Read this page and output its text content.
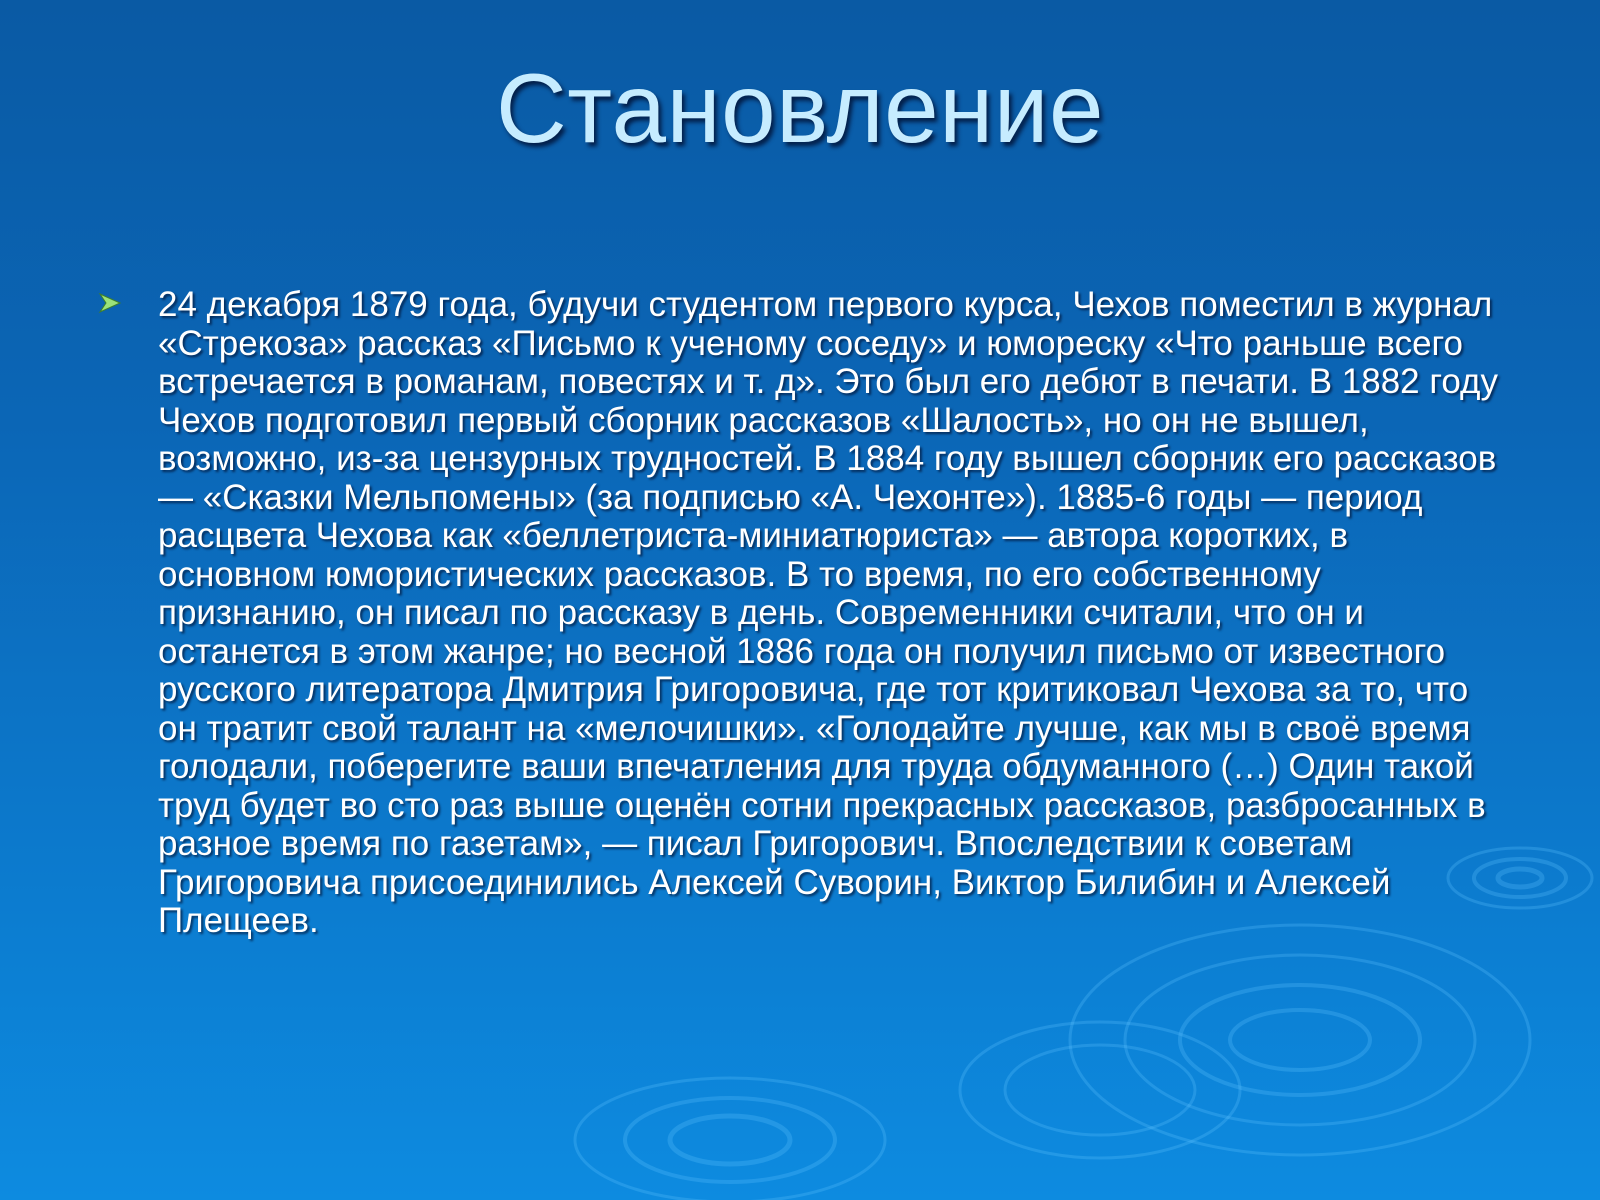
Становление

24 декабря 1879 года, будучи студентом первого курса, Чехов поместил в журнал «Стрекоза» рассказ «Письмо к ученому соседу» и юмореску «Что раньше всего встречается в романам, повестях и т. д». Это был его дебют в печати. В 1882 году Чехов подготовил первый сборник рассказов «Шалость», но он не вышел, возможно, из-за цензурных трудностей. В 1884 году вышел сборник его рассказов — «Сказки Мельпомены» (за подписью «А. Чехонте»). 1885-6 годы — период расцвета Чехова как «беллетриста-миниатюриста» — автора коротких, в основном юмористических рассказов. В то время, по его собственному признанию, он писал по рассказу в день. Современники считали, что он и останется в этом жанре; но весной 1886 года он получил письмо от известного русского литератора Дмитрия Григоровича, где тот критиковал Чехова за то, что он тратит свой талант на «мелочишки». «Голодайте лучше, как мы в своё время голодали, поберегите ваши впечатления для труда обдуманного (…) Один такой труд будет во сто раз выше оценён сотни прекрасных рассказов, разбросанных в разное время по газетам», — писал Григорович. Впоследствии к советам Григоровича присоединились Алексей Суворин, Виктор Билибин и Алексей Плещеев.
